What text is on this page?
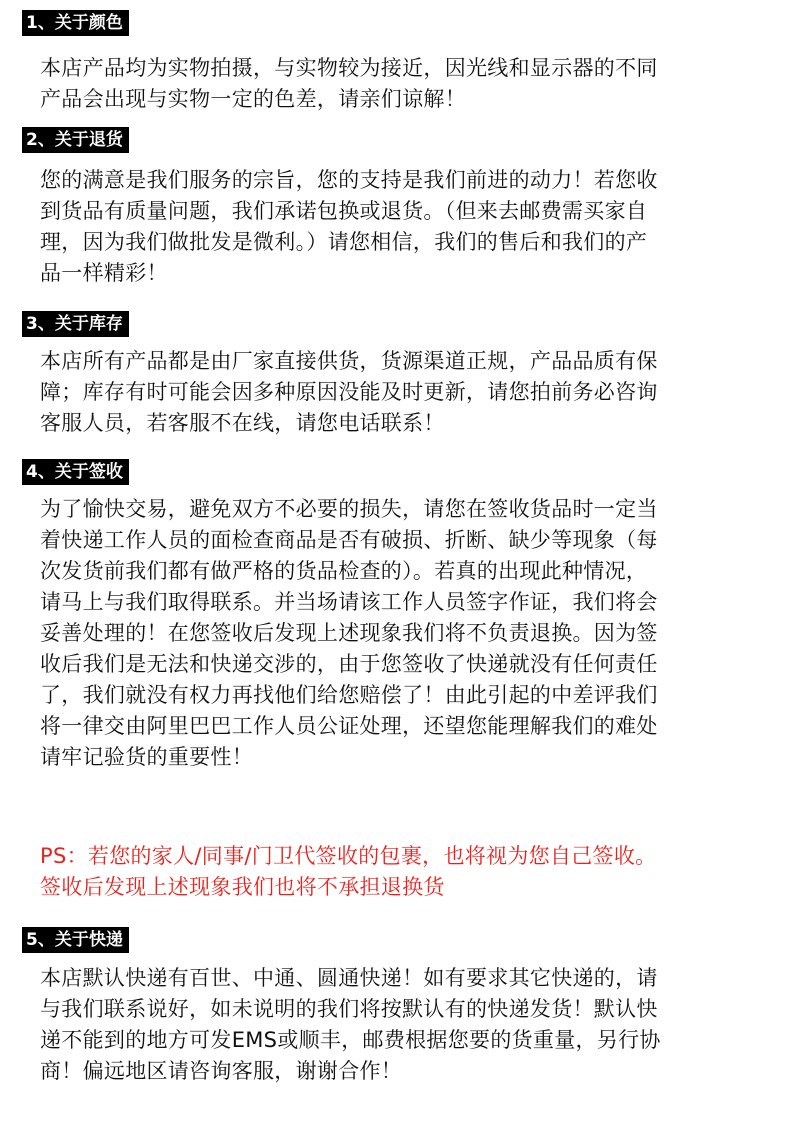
1、关于颜色
本店产品均为实物拍摄，与实物较为接近，因光线和显示器的不同
产品会出现与实物一定的色差，请亲们谅解！
2、关于退货
您的满意是我们服务的宗旨，您的支持是我们前进的动力！若您收
到货品有质量问题，我们承诺包换或退货。（但来去邮费需买家自
理，因为我们做批发是微利。）请您相信，我们的售后和我们的产
品一样精彩！
3、关于库存
本店所有产品都是由厂家直接供货，货源渠道正规，产品品质有保
障；库存有时可能会因多种原因没能及时更新，请您拍前务必咨询
客服人员，若客服不在线，请您电话联系！
4、关于签收
为了愉快交易，避免双方不必要的损失，请您在签收货品时一定当
着快递工作人员的面检查商品是否有破损、折断、缺少等现象（每
次发货前我们都有做严格的货品检查的）。若真的出现此种情况，
请马上与我们取得联系。并当场请该工作人员签字作证，我们将会
妥善处理的！在您签收后发现上述现象我们将不负责退换。因为签
收后我们是无法和快递交涉的，由于您签收了快递就没有任何责任
了，我们就没有权力再找他们给您赔偿了！由此引起的中差评我们
将一律交由阿里巴巴工作人员公证处理，还望您能理解我们的难处
请牢记验货的重要性！
PS：若您的家人/同事/门卫代签收的包裹，也将视为您自己签收。
签收后发现上述现象我们也将不承担退换货
5、关于快递
本店默认快递有百世、中通、圆通快递！如有要求其它快递的，请
与我们联系说好，如未说明的我们将按默认有的快递发货！默认快
递不能到的地方可发EMS或顺丰，邮费根据您要的货重量，另行协
商！偏远地区请咨询客服，谢谢合作！
